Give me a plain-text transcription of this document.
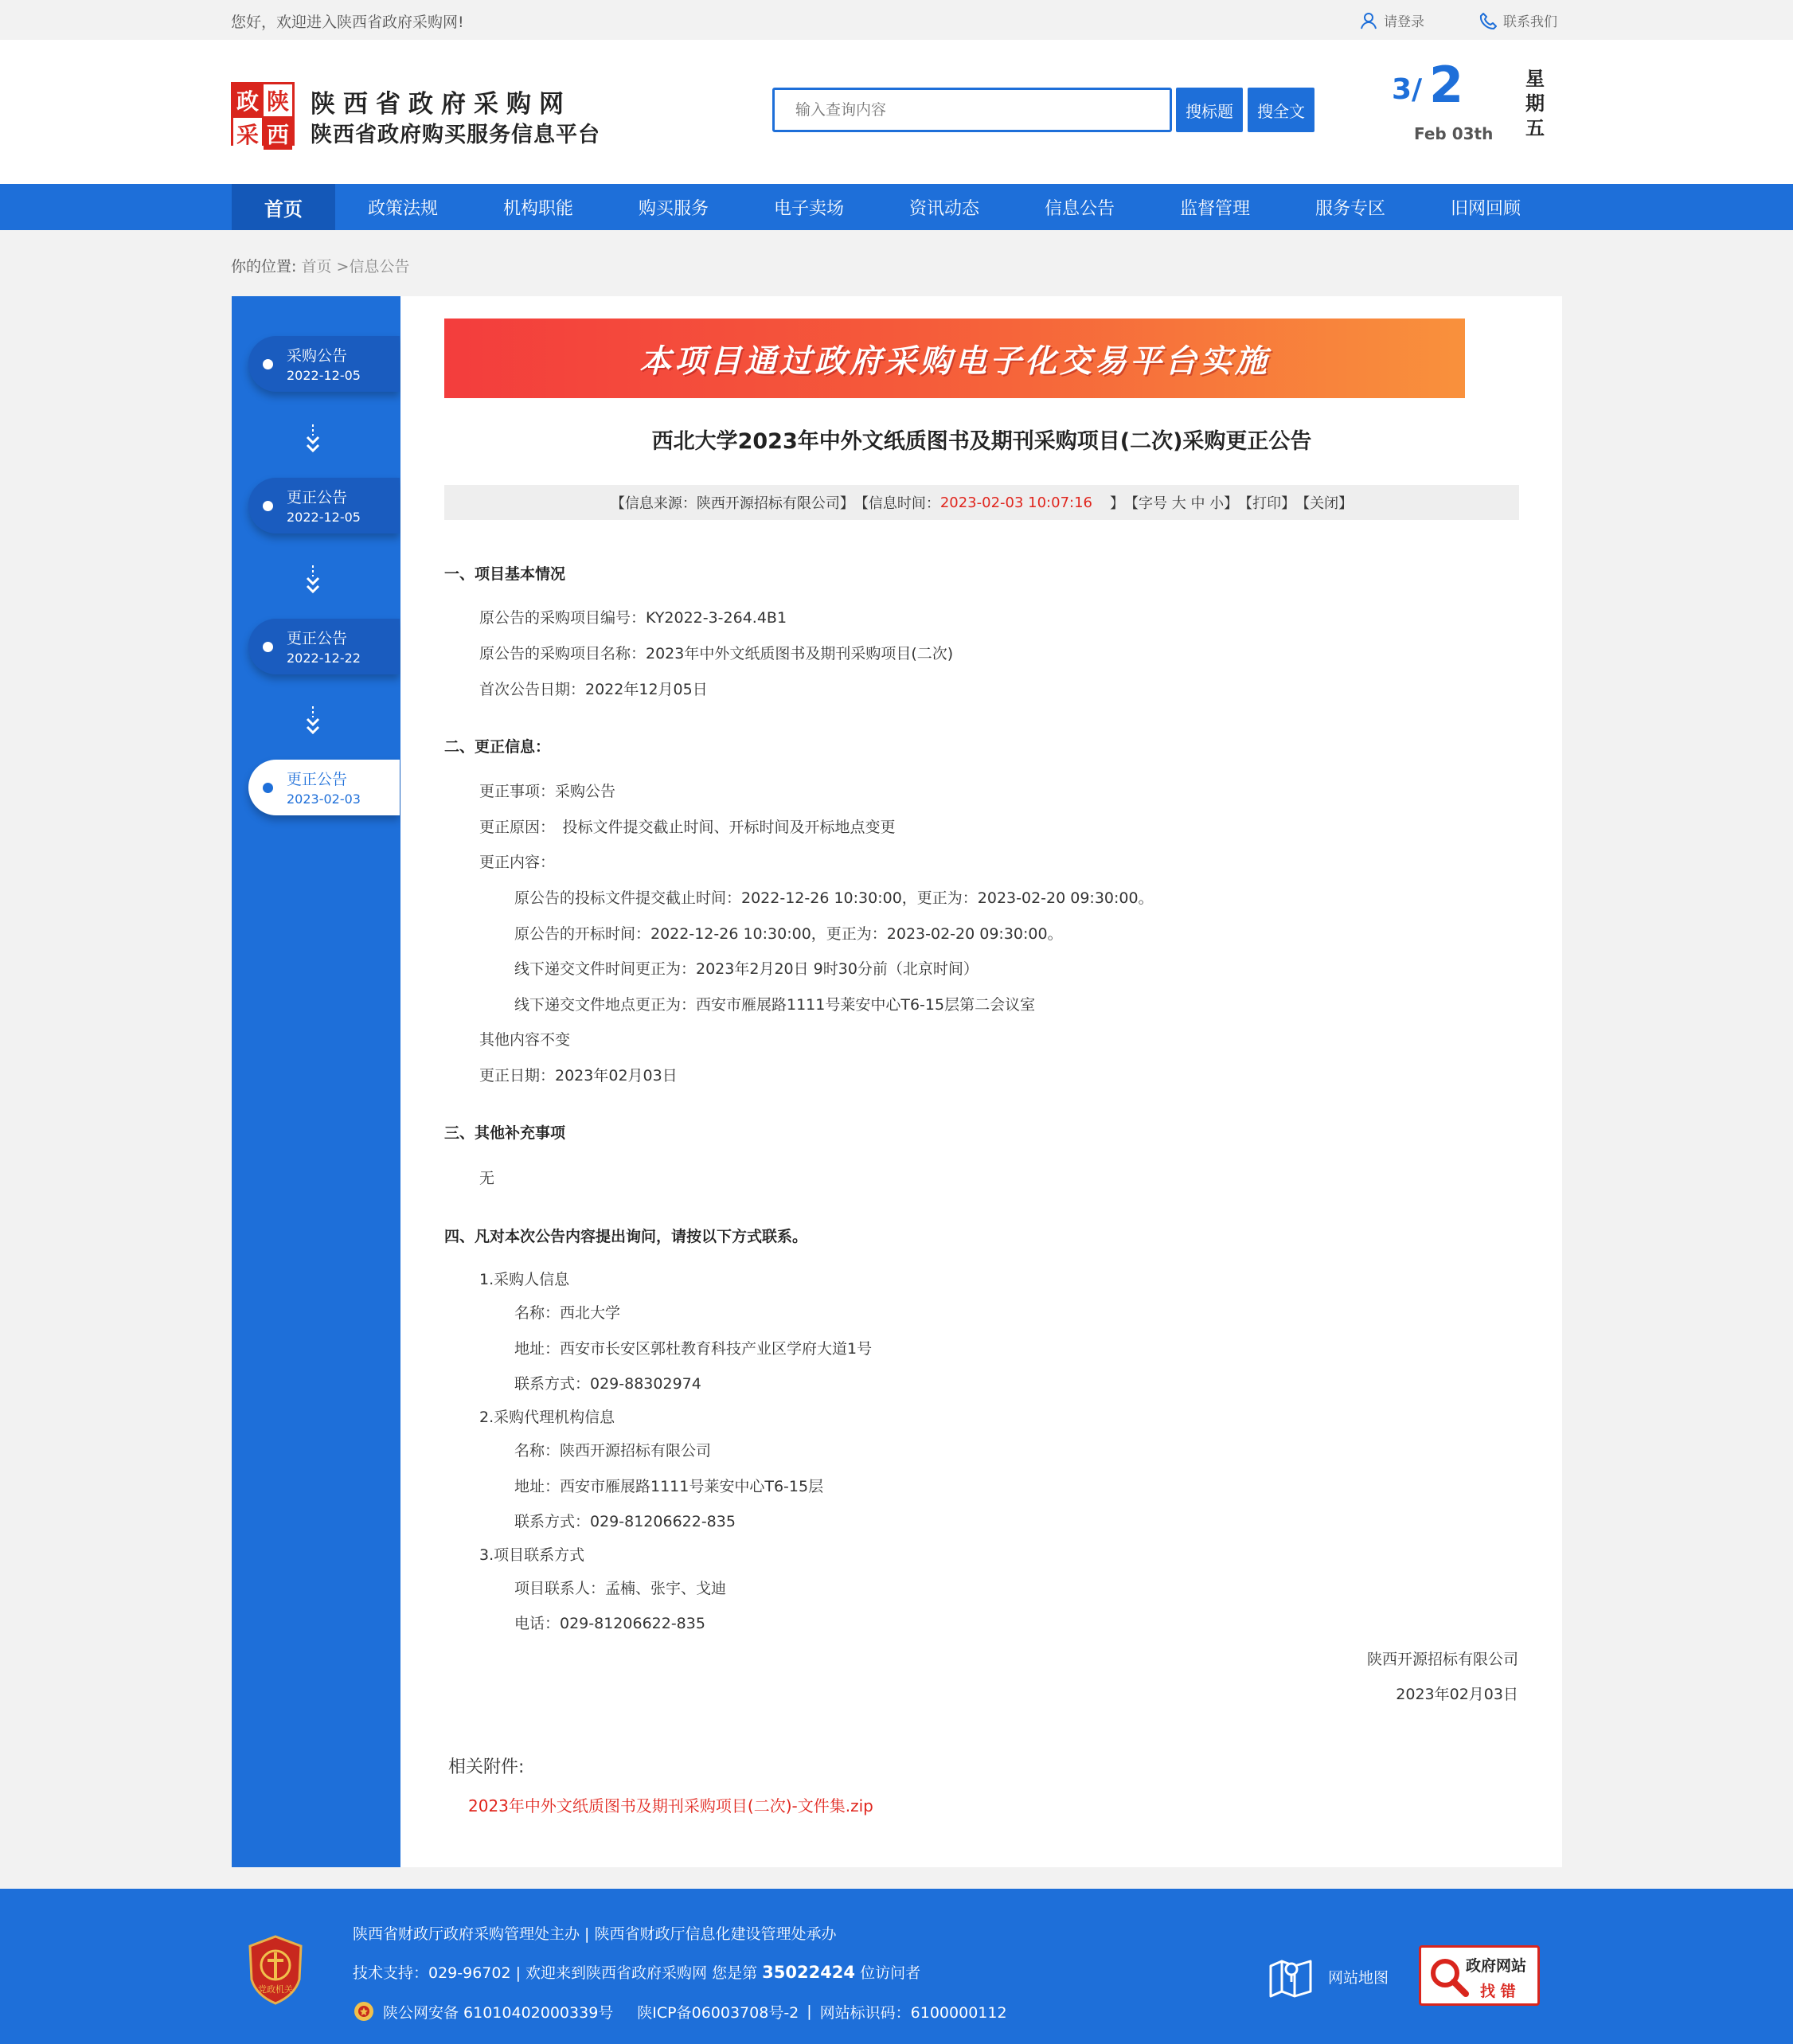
您好，欢迎进入陕西省政府采购网!	请登录	联系我们
政 陕
采 西
陕西省政府采购网
陕西省政府购买服务信息平台
输入查询内容
搜标题	搜全文
3/ 2
Feb 03th
星
期
五
首页	政策法规	机构职能	购买服务	电子卖场	资讯动态	信息公告	监督管理	服务专区	旧网回顾
你的位置: 首页 >信息公告
采购公告
2022-12-05
更正公告
2022-12-05
更正公告
2022-12-22
更正公告
2023-02-03
本项目通过政府采购电子化交易平台实施
西北大学2023年中外文纸质图书及期刊采购项目(二次)采购更正公告
【信息来源：陕西开源招标有限公司】 【信息时间： 2023-02-03 10:07:16 】 【字号 大 中 小】 【打印】 【关闭】
一、项目基本情况
原公告的采购项目编号：KY2022-3-264.4B1
原公告的采购项目名称：2023年中外文纸质图书及期刊采购项目(二次)
首次公告日期：2022年12月05日
二、更正信息：
更正事项：采购公告
更正原因：　投标文件提交截止时间、开标时间及开标地点变更
更正内容：
原公告的投标文件提交截止时间：2022-12-26 10:30:00，更正为：2023-02-20 09:30:00。
原公告的开标时间：2022-12-26 10:30:00，更正为：2023-02-20 09:30:00。
线下递交文件时间更正为：2023年2月20日 9时30分前（北京时间）
线下递交文件地点更正为：西安市雁展路1111号莱安中心T6-15层第二会议室
其他内容不变
更正日期：2023年02月03日
三、其他补充事项
无
四、凡对本次公告内容提出询问，请按以下方式联系。
1.采购人信息
名称：西北大学
地址：西安市长安区郭杜教育科技产业区学府大道1号
联系方式：029-88302974
2.采购代理机构信息
名称：陕西开源招标有限公司
地址：西安市雁展路1111号莱安中心T6-15层
联系方式：029-81206622-835
3.项目联系方式
项目联系人：孟楠、张宇、戈迪
电话：029-81206622-835
陕西开源招标有限公司
2023年02月03日
相关附件:
2023年中外文纸质图书及期刊采购项目(二次)-文件集.zip
党政机关
陕西省财政厅政府采购管理处主办 | 陕西省财政厅信息化建设管理处承办
技术支持：029-96702 | 欢迎来到陕西省政府采购网 您是第 35022424 位访问者
陕公网安备 61010402000339号 陕ICP备06003708号-2 | 网站标识码：6100000112
网站地图
政府网站
找 错
